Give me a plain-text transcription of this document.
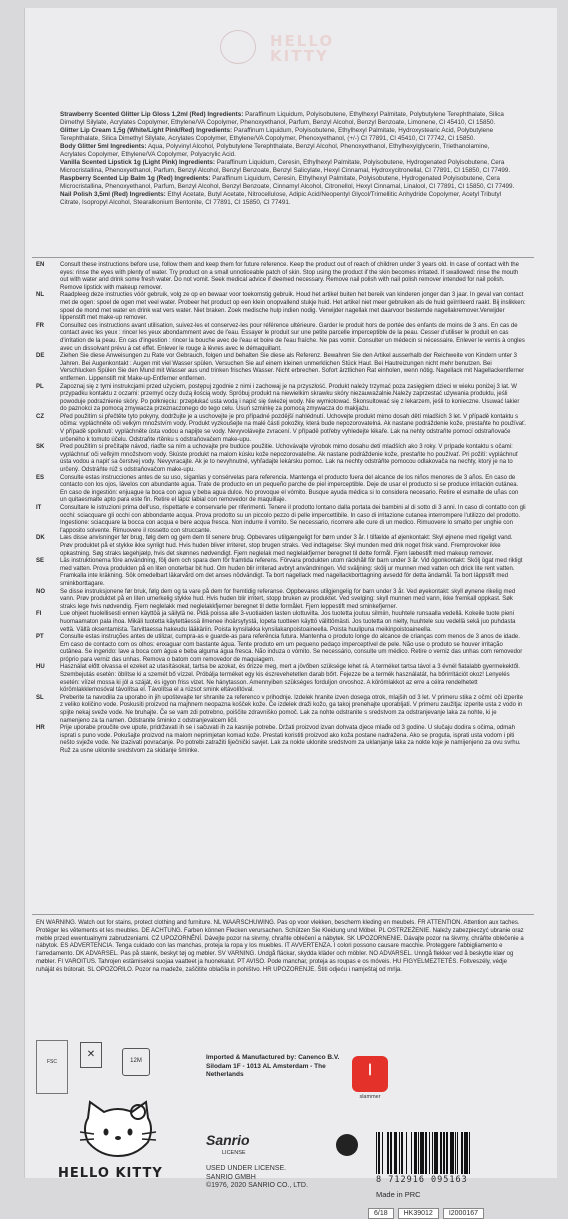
HELLO KITTY

Strawberry Scented Glitter Lip Gloss 1,2ml (Red) Ingredients: Paraffinum Liquidum, Polyisobutene, Ethylhexyl Palmitate, Polybutylene Terephthalate, Silica Dimethyl Silylate, Acrylates Copolymer, Ethylene/VA Copolymer, Phenoxyethanol, Parfum, Benzyl Alcohol, Benzyl Benzoate, Limonene, CI 45410, CI 15850.

Glitter Lip Cream 1,5g (White/Light Pink/Red) Ingredients: Paraffinum Liquidum, Polyisobutene, Ethylhexyl Palmitate, Hydroxystearic Acid, Polybutylene Terephthalate, Silica Dimethyl Silylate, Acrylates Copolymer, Ethylene/VA Copolymer, Phenoxyethanol, (+/-) CI 77891, CI 45410, CI 77742, CI 15850.

Body Glitter 5ml Ingredients: Aqua, Polyvinyl Alcohol, Polybutylene Terephthalate, Benzyl Alcohol, Phenoxyethanol, Ethylhexylglycerin, Triethanolamine, Acrylates Copolymer, Ethylene/VA Copolymer, Polyacrylic Acid.

Vanilla Scented Lipstick 1g (Light Pink) Ingredients: Paraffinum Liquidum, Ceresin, Ethylhexyl Palmitate, Polyisobutene, Hydrogenated Polyisobutene, Cera Microcristallina, Phenoxyethanol, Parfum, Benzyl Alcohol, Benzyl Benzoate, Benzyl Salicylate, Hexyl Cinnamal, Hydroxycitronellal, CI 77891, CI 15850, CI 77499.

Raspberry Scented Lip Balm 1g (Red) Ingredients: Paraffinum Liquidum, Ceresin, Ethylhexyl Palmitate, Polyisobutene, Hydrogenated Polyisobutene, Cera Microcristallina, Phenoxyethanol, Parfum, Benzyl Alcohol, Benzyl Benzoate, Cinnamyl Alcohol, Citronellol, Hexyl Cinnamal, Linalool, CI 77891, CI 15850, CI 77499.

Nail Polish 3,5ml (Red) Ingredients: Ethyl Acetate, Butyl Acetate, Nitrocellulose, Adipic Acid/Neopentyl Glycol/Trimellitic Anhydride Copolymer, Acetyl Tributyl Citrate, Isopropyl Alcohol, Stearalkonium Bentonite, CI 77891, CI 15850, CI 77491.

EN	Consult these instructions before use, follow them and keep them for future reference. Keep the product out of reach of children under 3 years old. In case of contact with the eyes: rinse the eyes with plenty of water. Try product on a small unnoticeable patch of skin. Stop using the product if the skin becomes irritated. If swallowed: rinse the mouth out with water and drink some fresh water. Do not vomit. Seek medical advice if deemed necessary. Remove nail polish with nail polish remover intended for nail polish. Remove lipstick with makeup remover.
NL	Raadpleeg deze instructies vóór gebruik, volg ze op en bewaar voor toekomstig gebruik. Houd het artikel buiten het bereik van kinderen jonger dan 3 jaar. In geval van contact met de ogen: spoel de ogen met veel water. Probeer het product op een klein onopvallend stukje huid. Het artikel niet meer gebruiken als de huid geïrriteerd raakt. Bij inslikken: spoel de mond met water en drink wat vers water. Niet braken. Zoek medische hulp indien nodig. Verwijder nagellak met daarvoor bestemde nagellakremover.Verwijder lippenstift met make-up remover.
FR	Consultez ces instructions avant utilisation, suivez-les et conservez-les pour référence ultérieure. Garder le produit hors de portée des enfants de moins de 3 ans. En cas de contact avec les yeux : rincer les yeux abondamment avec de l'eau. Essayer le produit sur une petite parcelle imperceptible de la peau. Cesser d'utiliser le produit en cas d'irritation de la peau. En cas d'ingestion : rincer la bouche avec de l'eau et boire de l'eau fraîche. Ne pas vomir. Consulter un médecin si nécessaire. Enlever le vernis à ongles avec un dissolvant prévu à cet effet. Enlever le rouge à lèvres avec le démaquillant.
DE	Ziehen Sie diese Anweisungen zu Rate vor Gebrauch, folgen und behalten Sie diese als Referenz. Bewahren Sie den Artikel ausserhalb der Reichweite von Kindern unter 3 Jahren. Bei Augenkontakt : Augen mit viel Wasser spülen. Versuchen Sie auf einem kleinen unmerklichen Stück Haut. Bei Hautreizungen nicht mehr benutzen. Bei Verschlucken Spülen Sie den Mund mit Wasser aus und trinken frisches Wasser. Nicht erbrechen. Sofort ärztlichen Rat einholen, wenn nötig. Nagellack mit Nagellackentferner entfernen. Lippenstift mit Make-up-Entferner entfernen.
PL	Zapoznaj się z tymi instrukcjami przed użyciem, postępuj zgodnie z nimi i zachowaj je na przyszłość. Produkt należy trzymać poza zasięgiem dzieci w wieku poniżej 3 lat. W przypadku kontaktu z oczami: przemyć oczy dużą ilością wody. Spróbuj produkt na niewielkim skrawku skóry niezauważalnie.Należy zaprzestać używania produktu, jeśli powoduje podrażnienie skóry. Po połknięciu: przepłukać usta wodą i napić się świeżej wody. Nie wymiotować. Skonsultować się z lekarzem, jeśli to konieczne. Usuwać lakier do paznokci za pomocą zmywacza przeznaczonego do tego celu. Usuń szminkę za pomocą zmywacza do makijażu.
CZ	Před použitím si přečtěte tyto pokyny, dodržujte je a uschovejte je pro případné pozdější nahlédnutí. Uchovejte produkt mimo dosah dětí mladších 3 let. V případě kontaktu s očima: vypláchněte oči velkým množstvím vody. Produkt vyzkoušejte na malé části pokožky, která bude nepozorovatelná. Ak nastane podráždenie kože, prestaňte ho používať. V případě spolknutí: vypláchněte ústa vodou a napijte se vody. Nevyvolávejte zvracení. V případě potřeby vyhledejte lékaře. Lak na nehty odstraňte pomocí odstraňovače určeného k tomuto účelu. Odstraňte rtěnku s odstraňovačem make-upu.
SK	Pred použitím si prečítajte návod, riaďte sa ním a uchovajte pre budúce použitie. Uchovávajte výrobok mimo dosahu detí mladších ako 3 roky. V prípade kontaktu s očami: vypláchnuť oči veľkým množstvom vody. Skúste produkt na malom kúsku kože nepozorovateľne. Ak nastane podráždenie kože, prestaňte ho používať. Pri požití: vypláchnuť ústa vodou a napiť sa čerstvej vody. Nevyvracajte. Ak je to nevyhnutné, vyhľadajte lekársku pomoc. Lak na nechty odstráňte pomocou odlakovača na nechty, ktorý je na to určený. Odstráňte rúž s odstraňovačom make-upu.
ES	Consulte estas instrucciones antes de su uso, síganlas y consérvelas para referencia. Mantenga el producto fuera del alcance de los niños menores de 3 años. En caso de contacto con los ojos, lávelos con abundante agua. Trate de producto en un pequeño parche de piel imperceptible. Deje de usar el producto si se produce irritación cutánea. En caso de ingestión: enjuague la boca con agua y beba agua dulce. No provoque el vómito. Busque ayuda médica si lo considera necesario. Retire el esmalte de uñas con un quitaesmalte apto para este fin. Retire el lápiz labial con removedor de maquillaje.
IT	Consultare le istruzioni prima dell'uso, rispettarle e conservarle per riferimenti. Tenere il prodotto lontano dalla portata dei bambini al di sotto di 3 anni. In caso di contatto con gli occhi: sciacquare gli occhi con abbondante acqua. Prova prodotto su un piccolo pezzo di pelle impercettibile. In caso di irritazione cutanea interrompere l'utilizzo del prodotto. Ingestione: sciacquare la bocca con acqua e bere acqua fresca. Non indurre il vomito. Se necessario, ricorrere alle cure di un medico. Rimuovere lo smalto per unghie con l'apposito solvente. Rimuovere il rossetto con struccante.
DK	Læs disse anvisninger før brug, følg dem og gem dem til senere brug. Opbevares utilgængeligt for børn under 3 år. I tilfælde af øjenkontakt: Skyl øjnene med rigeligt vand. Prøv produktet på et stykke ikke synligt hud. Hvis huden bliver irriteret, stop brugen straks. Ved indtagelse: Skyl munden med drik noget frisk vand. Fremprovoker ikke opkastning. Søg straks lægehjælp, hvis det skønnes nødvendigt. Fjern neglelak med neglelakfjerner beregnet til dette formål. Fjern læbestift med makeup remover.
SE	Läs instruktionerna före användning, följ dem och spara dem för framtida referens. Förvara produkten utom räckhåll för barn under 3 år. Vid ögonkontakt: Skölj ögat med rikligt med vatten. Prova produkten på en liten onoterbar bit hud. Om huden blir irriterad avbryt användningen. Vid sväljning: skölj ur munnen med vatten och drick lite rent vatten. Framkalla inte kräkning. Sök omedelbart läkarvård om det anses nödvändigt. Ta bort nagellack med nagellackborttagning avsedd för detta ändamål. Ta bort läppstift med sminkborttagare.
NO	Se disse instruksjonene før bruk, følg dem og ta vare på dem for fremtidig referanse. Oppbevares utilgjengelig for barn under 3 år. Ved øyekontakt: skyll øynene rikelig med vann. Prøv produktet på en liten umerkelig stykke hud. Hvis huden blir irritert, stopp bruken av produktet. Ved svelging: skyll munnen med vann, ikke fremkall oppkast. Søk straks lege hvis nødvendig. Fjern neglelakk med neglelakkfjerner beregnet til dette formålet. Fjern leppestift med sminkefjerner.
FI	Lue ohjeet huolellisesti ennen käyttöä ja säilytä ne. Pidä poissa alle 3-vuotiaiden lasten ulottuvilta. Jos tuotetta joutuu silmiin, huuhtele runsaalla vedellä. Kokeile tuote pieni huomaamaton pala ihoa. Mikäli tuotetta käytettäessä ilmenee ihoärsytystä, lopeta tuotteen käyttö välittömästi. Jos tuotetta on nielty, huuhtele suu vedellä sekä juo puhdasta vettä. Vältä oksentamista. Tarvittaessa hakeudu lääkäriin. Poista kynsilakka kynsilakanpoistoaineella. Poista huulipuna meikinpoistoaineella.
PT	Consulte estas instruções antes de utilizar, cumpra-as e guarde-as para referência futura. Mantenha o produto longe do alcance de crianças com menos de 3 anos de idade. Em caso de contacto com os olhos: enxaguar com bastante água. Tente produto em um pequeno pedaço imperceptível de pele. Não use o produto se houver irritação cutânea. Se ingerido: lave a boca com água e beba alguma água fresca. Não induza o vómito. Se necessário, consulte um médico. Retire o verniz das unhas com removedor próprio para verniz das unhas. Remova o batom com removedor de maquiagem.
HU	Használat előtt olvassa el ezeket az utasításokat, tartsa be azokat, és őrizze meg, mert a jövőben szüksége lehet rá. A terméket tartsa távol a 3 évnél fiatalabb gyermekektől. Szembejutás esetén: öblítse ki a szemét bő vízzel. Próbálja terméket egy kis észrevehetetlen darab bőrt. Fejezze be a termék használatát, ha bőrirritációt okoz! Lenyelés esetén: víízel mossa ki jól a száját, és igyon friss vizet. Ne hánytasson. Amennyiben szükséges forduljon orvoshoz. A körömlakkot az erre a célra rendelhetett körömlakklemosóval távolítsa el. Távolítsa el a rúzsot smink eltávolítóval.
SL	Preberite ta navodila za uporabo in jih upoštevajte ter shranite za referenco v prihodnje. Izdelek hranite izven dosega otrok, mlajših od 3 let. V primeru stika z očmi: oči izperite z veliko količino vode. Poskusiti proizvod na majhnem neopazna košček kože. Če izdelek draži kožo, ga takoj prenehajte uporabljati. V primeru zaužitja: izperite usta z vodo in spijte nekaj sveže vode. Ne bruhajte. Če se vam zdi potrebno, poiščite zdravniško pomoč. Lak za nohte odstranite s sredstvom za odstranjevanje laka za nohte, ki je namenjeno za ta namen. Odstranite šminko z odstranjevalcem ličil.
HR	Prije uporabe proučite ove upute, pridržavati ih se i sačuvati ih za kasnije potrebe. Držati proizvod izvan dohvata djece mlađe od 3 godine. U slučaju dodira s očima, odmah isprati s puno vode. Pokušajte proizvod na malom neprimjetan komad kože. Prestati koristiti proizvod ako koža postane nadražena. Ako se proguta, isprati usta vodom i piti nešto svježe vode. Ne izazivati povraćanje. Po potrebi zatražiti liječnički savjet. Lak za nokte uklonite sredstvom za uklanjanje laka za nokte koje je namijenjeno za ovu svrhu. Ruž za usne uklonite sredstvom za skidanje šminke.
EN WARNING. Watch out for stains, protect clothing and furniture. NL WAARSCHUWING. Pas op voor vlekken, bescherm kleding en meubels. FR ATTENTION. Attention aux taches. Protéger les vêtements et les meubles. DE ACHTUNG. Farben können Flecken verursachen. Schützen Sie Kleidung und Möbel. PL OSTRZEŻENIE. Należy zabezpieczyć ubranie oraz meble przed ewentualnymi zabrudzeniami. CZ UPOZORNĚNÍ. Dávejte pozor na skvrny, chraňte oblečení a nábytek. SK UPOZORNENIE. Dávajte pozor na škvrny, chráňte oblečenie a nábytok. ES ADVERTENCIA. Tenga cuidado con las manchas, proteja la ropa y los muebles. IT AVVERTENZA. I colori possono causare macchie. Proteggere l'abbigliamento e l'arredamento. DK ADVARSEL. Pas på stænk, beskyt tøj og møbler. SV VARNING. Undgå fläckar, skydda kläder och möbler. NO ADVARSEL. Unngå flekker ved å beskytte klær og møbler. FI VAROITUS. Tahrojen estämiseksi suojaa vaatteet ja huonekalut. PT AVISO. Pode manchar, proteja as roupas e os móveis. HU FIGYELMEZTETÉS. Foltveszély, védje ruháját és bútorait. SL OPOZORILO. Pozor na madeže, zaščitite oblačila in pohištvo. HR UPOZORENJE. Štiti odjeću i namještaj od mrlja.
FSC
✕
12M
HELLO KITTY
Imported & Manufactured by: Canenco B.V. Silodam 1F - 1013 AL Amsterdam - The Netherlands	ꟾ
slammer
Sanrio
LICENSE
USED UNDER LICENSE.
SANRIO GMBH
©1976, 2020 SANRIO CO., LTD.
8 712916 095163
Made in PRC
6/18	HK39012	I2000167
